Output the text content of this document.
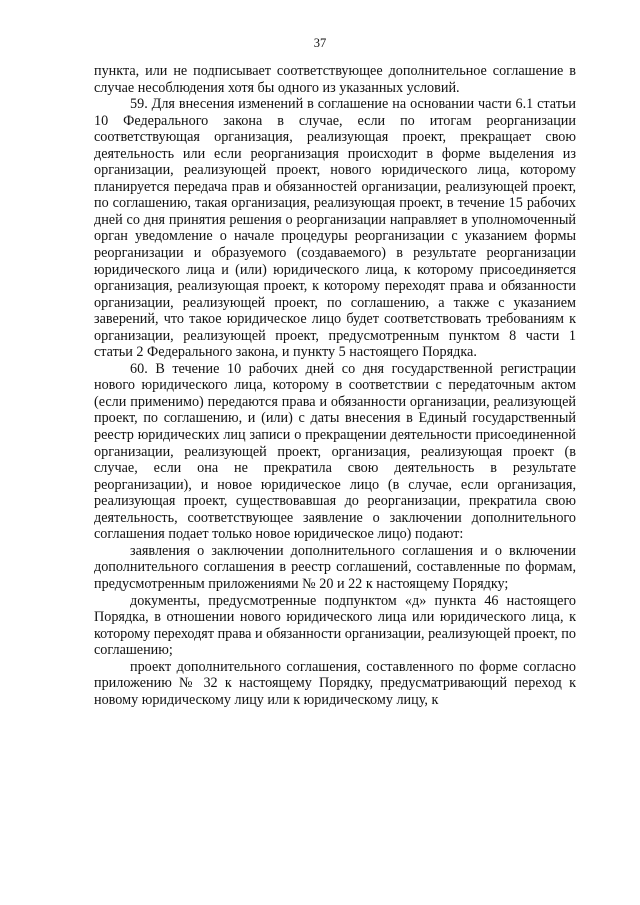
37

пункта, или не подписывает соответствующее дополнительное соглашение в случае несоблюдения хотя бы одного из указанных условий.

59. Для внесения изменений в соглашение на основании части 6.1 статьи 10 Федерального закона в случае, если по итогам реорганизации соответствующая организация, реализующая проект, прекращает свою деятельность или если реорганизация происходит в форме выделения из организации, реализующей проект, нового юридического лица, которому планируется передача прав и обязанностей организации, реализующей проект, по соглашению, такая организация, реализующая проект, в течение 15 рабочих дней со дня принятия решения о реорганизации направляет в уполномоченный орган уведомление о начале процедуры реорганизации с указанием формы реорганизации и образуемого (создаваемого) в результате реорганизации юридического лица и (или) юридического лица, к которому присоединяется организация, реализующая проект, к которому переходят права и обязанности организации, реализующей проект, по соглашению, а также с указанием заверений, что такое юридическое лицо будет соответствовать требованиям к организации, реализующей проект, предусмотренным пунктом 8 части 1 статьи 2 Федерального закона, и пункту 5 настоящего Порядка.

60. В течение 10 рабочих дней со дня государственной регистрации нового юридического лица, которому в соответствии с передаточным актом (если применимо) передаются права и обязанности организации, реализующей проект, по соглашению, и (или) с даты внесения в Единый государственный реестр юридических лиц записи о прекращении деятельности присоединенной организации, реализующей проект, организация, реализующая проект (в случае, если она не прекратила свою деятельность в результате реорганизации), и новое юридическое лицо (в случае, если организация, реализующая проект, существовавшая до реорганизации, прекратила свою деятельность, соответствующее заявление о заключении дополнительного соглашения подает только новое юридическое лицо) подают:

заявления о заключении дополнительного соглашения и о включении дополнительного соглашения в реестр соглашений, составленные по формам, предусмотренным приложениями № 20 и 22 к настоящему Порядку;

документы, предусмотренные подпунктом «д» пункта 46 настоящего Порядка, в отношении нового юридического лица или юридического лица, к которому переходят права и обязанности организации, реализующей проект, по соглашению;

проект дополнительного соглашения, составленного по форме согласно приложению № 32 к настоящему Порядку, предусматривающий переход к новому юридическому лицу или к юридическому лицу, к
